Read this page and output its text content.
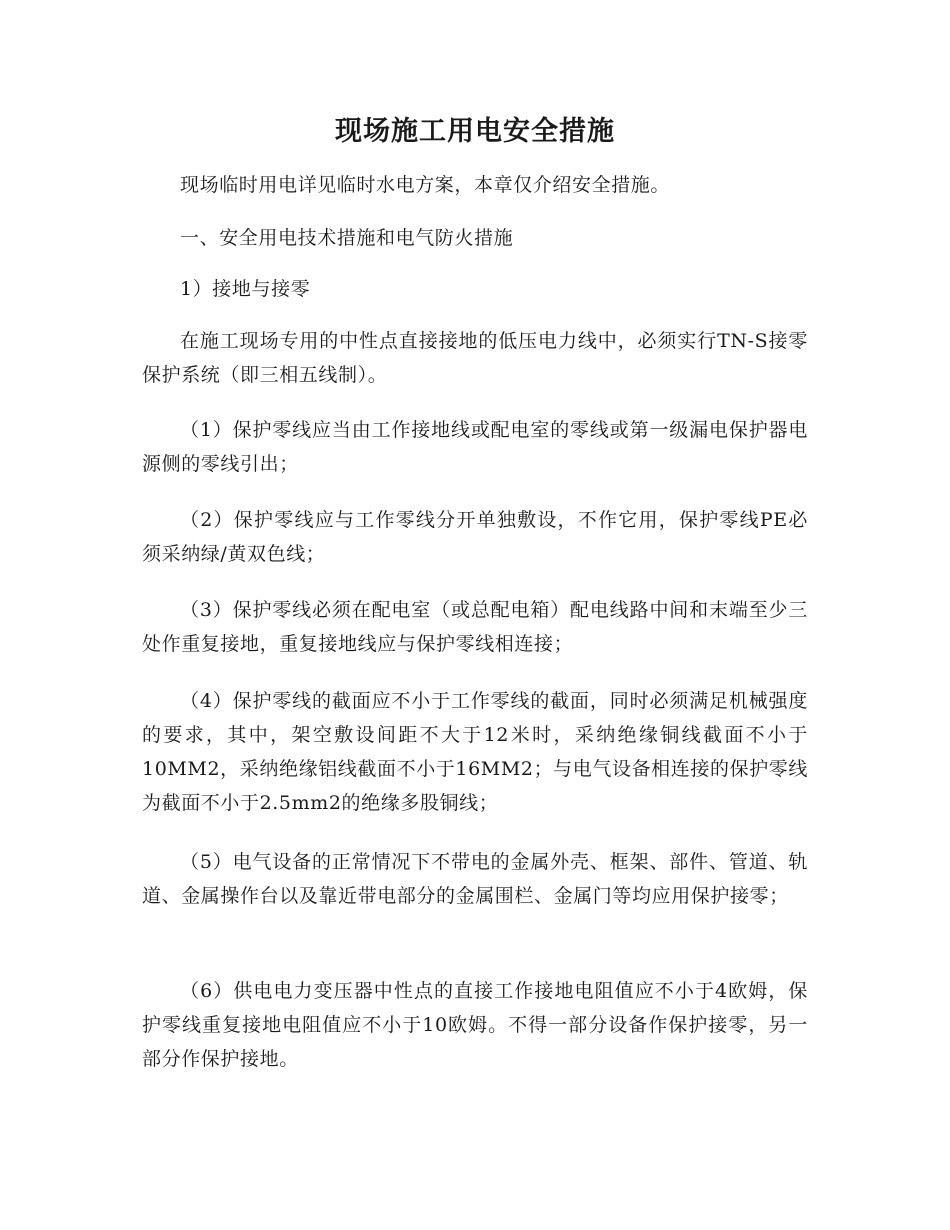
现场施工用电安全措施

现场临时用电详见临时水电方案，本章仅介绍安全措施。

一、安全用电技术措施和电气防火措施

1）接地与接零

在施工现场专用的中性点直接接地的低压电力线中，必须实行TN-S接零保护系统（即三相五线制）。

（1）保护零线应当由工作接地线或配电室的零线或第一级漏电保护器电源侧的零线引出；

（2）保护零线应与工作零线分开单独敷设，不作它用，保护零线PE必须采纳绿/黄双色线；

（3）保护零线必须在配电室（或总配电箱）配电线路中间和末端至少三处作重复接地，重复接地线应与保护零线相连接；

（4）保护零线的截面应不小于工作零线的截面，同时必须满足机械强度的要求，其中，架空敷设间距不大于12米时，采纳绝缘铜线截面不小于10MM2，采纳绝缘铝线截面不小于16MM2；与电气设备相连接的保护零线为截面不小于2.5mm2的绝缘多股铜线；

（5）电气设备的正常情况下不带电的金属外壳、框架、部件、管道、轨道、金属操作台以及靠近带电部分的金属围栏、金属门等均应用保护接零；

（6）供电电力变压器中性点的直接工作接地电阻值应不小于4欧姆，保护零线重复接地电阻值应不小于10欧姆。不得一部分设备作保护接零，另一部分作保护接地。
